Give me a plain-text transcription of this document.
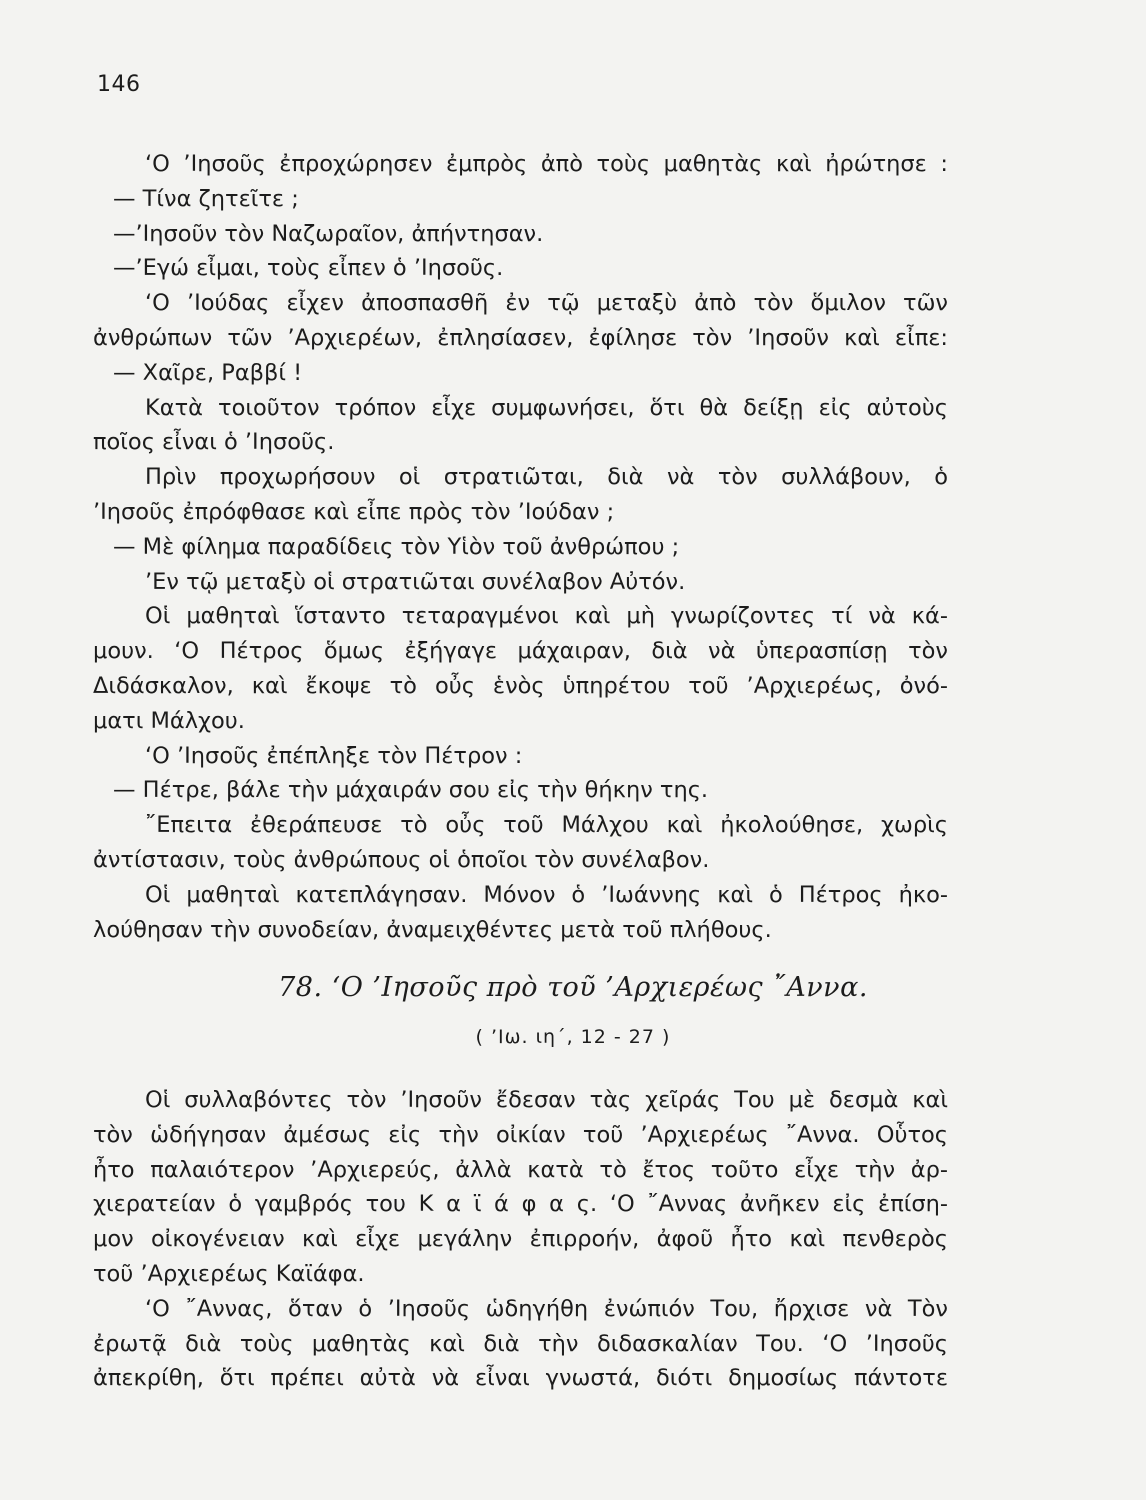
146
‘Ο ’Ιησοῦς ἐπροχώρησεν ἐμπρὸς ἀπὸ τοὺς μαθητὰς καὶ ἠρώτησε :
— Τίνα ζητεῖτε ;
—’Ιησοῦν τὸν Ναζωραῖον, ἀπήντησαν.
—’Εγώ εἶμαι, τοὺς εἶπεν ὁ ’Ιησοῦς.
‘Ο ’Ιούδας εἶχεν ἀποσπασθῆ ἐν τῷ μεταξὺ ἀπὸ τὸν ὅμιλον τῶν
ἀνθρώπων τῶν ’Αρχιερέων, ἐπλησίασεν, ἐφίλησε τὸν ’Ιησοῦν καὶ εἶπε:
— Χαῖρε, Ραββί !
Κατὰ τοιοῦτον τρόπον εἶχε συμφωνήσει, ὅτι θὰ δείξῃ εἰς αὐτοὺς
ποῖος εἶναι ὁ ’Ιησοῦς.
Πρὶν προχωρήσουν οἱ στρατιῶται, διὰ νὰ τὸν συλλάβουν, ὁ
’Ιησοῦς ἐπρόφθασε καὶ εἶπε πρὸς τὸν ’Ιούδαν ;
— Μὲ φίλημα παραδίδεις τὸν Υἱὸν τοῦ ἀνθρώπου ;
’Εν τῷ μεταξὺ οἱ στρατιῶται συνέλαβον Αὐτόν.
Οἱ μαθηταὶ ἵσταντο τεταραγμένοι καὶ μὴ γνωρίζοντες τί νὰ κά-
μουν. ‘Ο Πέτρος ὅμως ἐξήγαγε μάχαιραν, διὰ νὰ ὑπερασπίσῃ τὸν
Διδάσκαλον, καὶ ἔκοψε τὸ οὖς ἑνὸς ὑπηρέτου τοῦ ’Αρχιερέως, ὀνό-
ματι Μάλχου.
‘Ο ’Ιησοῦς ἐπέπληξε τὸν Πέτρον :
— Πέτρε, βάλε τὴν μάχαιράν σου εἰς τὴν θήκην της.
῎Επειτα ἐθεράπευσε τὸ οὖς τοῦ Μάλχου καὶ ἠκολούθησε, χωρὶς
ἀντίστασιν, τοὺς ἀνθρώπους οἱ ὁποῖοι τὸν συνέλαβον.
Οἱ μαθηταὶ κατεπλάγησαν. Μόνον ὁ ’Ιωάννης καὶ ὁ Πέτρος ἠκο-
λούθησαν τὴν συνοδείαν, ἀναμειχθέντες μετὰ τοῦ πλήθους.
78. ‘Ο ’Ιησοῦς πρὸ τοῦ ’Αρχιερέως ῎Αννα.
( ’Ιω. ιη΄, 12 - 27 )
Οἱ συλλαβόντες τὸν ’Ιησοῦν ἔδεσαν τὰς χεῖράς Του μὲ δεσμὰ καὶ
τὸν ὡδήγησαν ἀμέσως εἰς τὴν οἰκίαν τοῦ ’Αρχιερέως ῎Αννα. Οὗτος
ἦτο παλαιότερον ’Αρχιερεύς, ἀλλὰ κατὰ τὸ ἔτος τοῦτο εἶχε τὴν ἀρ-
χιερατείαν ὁ γαμβρός του Κ α ϊ ά φ α ς. ‘Ο ῎Αννας ἀνῆκεν εἰς ἐπίση-
μον οἰκογένειαν καὶ εἶχε μεγάλην ἐπιρροήν, ἀφοῦ ἦτο καὶ πενθερὸς
τοῦ ’Αρχιερέως Καϊάφα.
‘Ο ῎Αννας, ὅταν ὁ ’Ιησοῦς ὡδηγήθη ἐνώπιόν Του, ἤρχισε νὰ Τὸν
ἐρωτᾷ διὰ τοὺς μαθητὰς καὶ διὰ τὴν διδασκαλίαν Του. ‘Ο ’Ιησοῦς
ἀπεκρίθη, ὅτι πρέπει αὐτὰ νὰ εἶναι γνωστά, διότι δημοσίως πάντοτε
